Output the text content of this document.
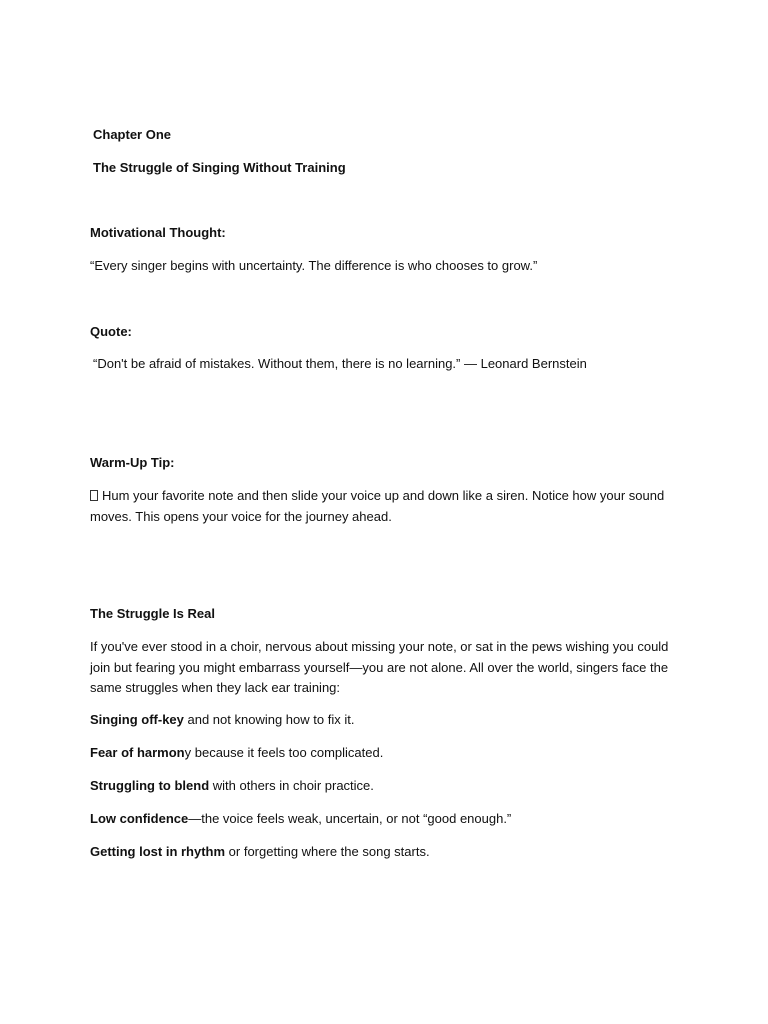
Chapter One

The Struggle of Singing Without Training

Motivational Thought:

“Every singer begins with uncertainty. The difference is who chooses to grow.”

Quote:

“Don't be afraid of mistakes. Without them, there is no learning.” — Leonard Bernstein

Warm-Up Tip:

Hum your favorite note and then slide your voice up and down like a siren. Notice how your sound moves. This opens your voice for the journey ahead.

The Struggle Is Real

If you've ever stood in a choir, nervous about missing your note, or sat in the pews wishing you could join but fearing you might embarrass yourself—you are not alone. All over the world, singers face the same struggles when they lack ear training:

Singing off-key and not knowing how to fix it.

Fear of harmony because it feels too complicated.

Struggling to blend with others in choir practice.

Low confidence—the voice feels weak, uncertain, or not “good enough.”

Getting lost in rhythm or forgetting where the song starts.
